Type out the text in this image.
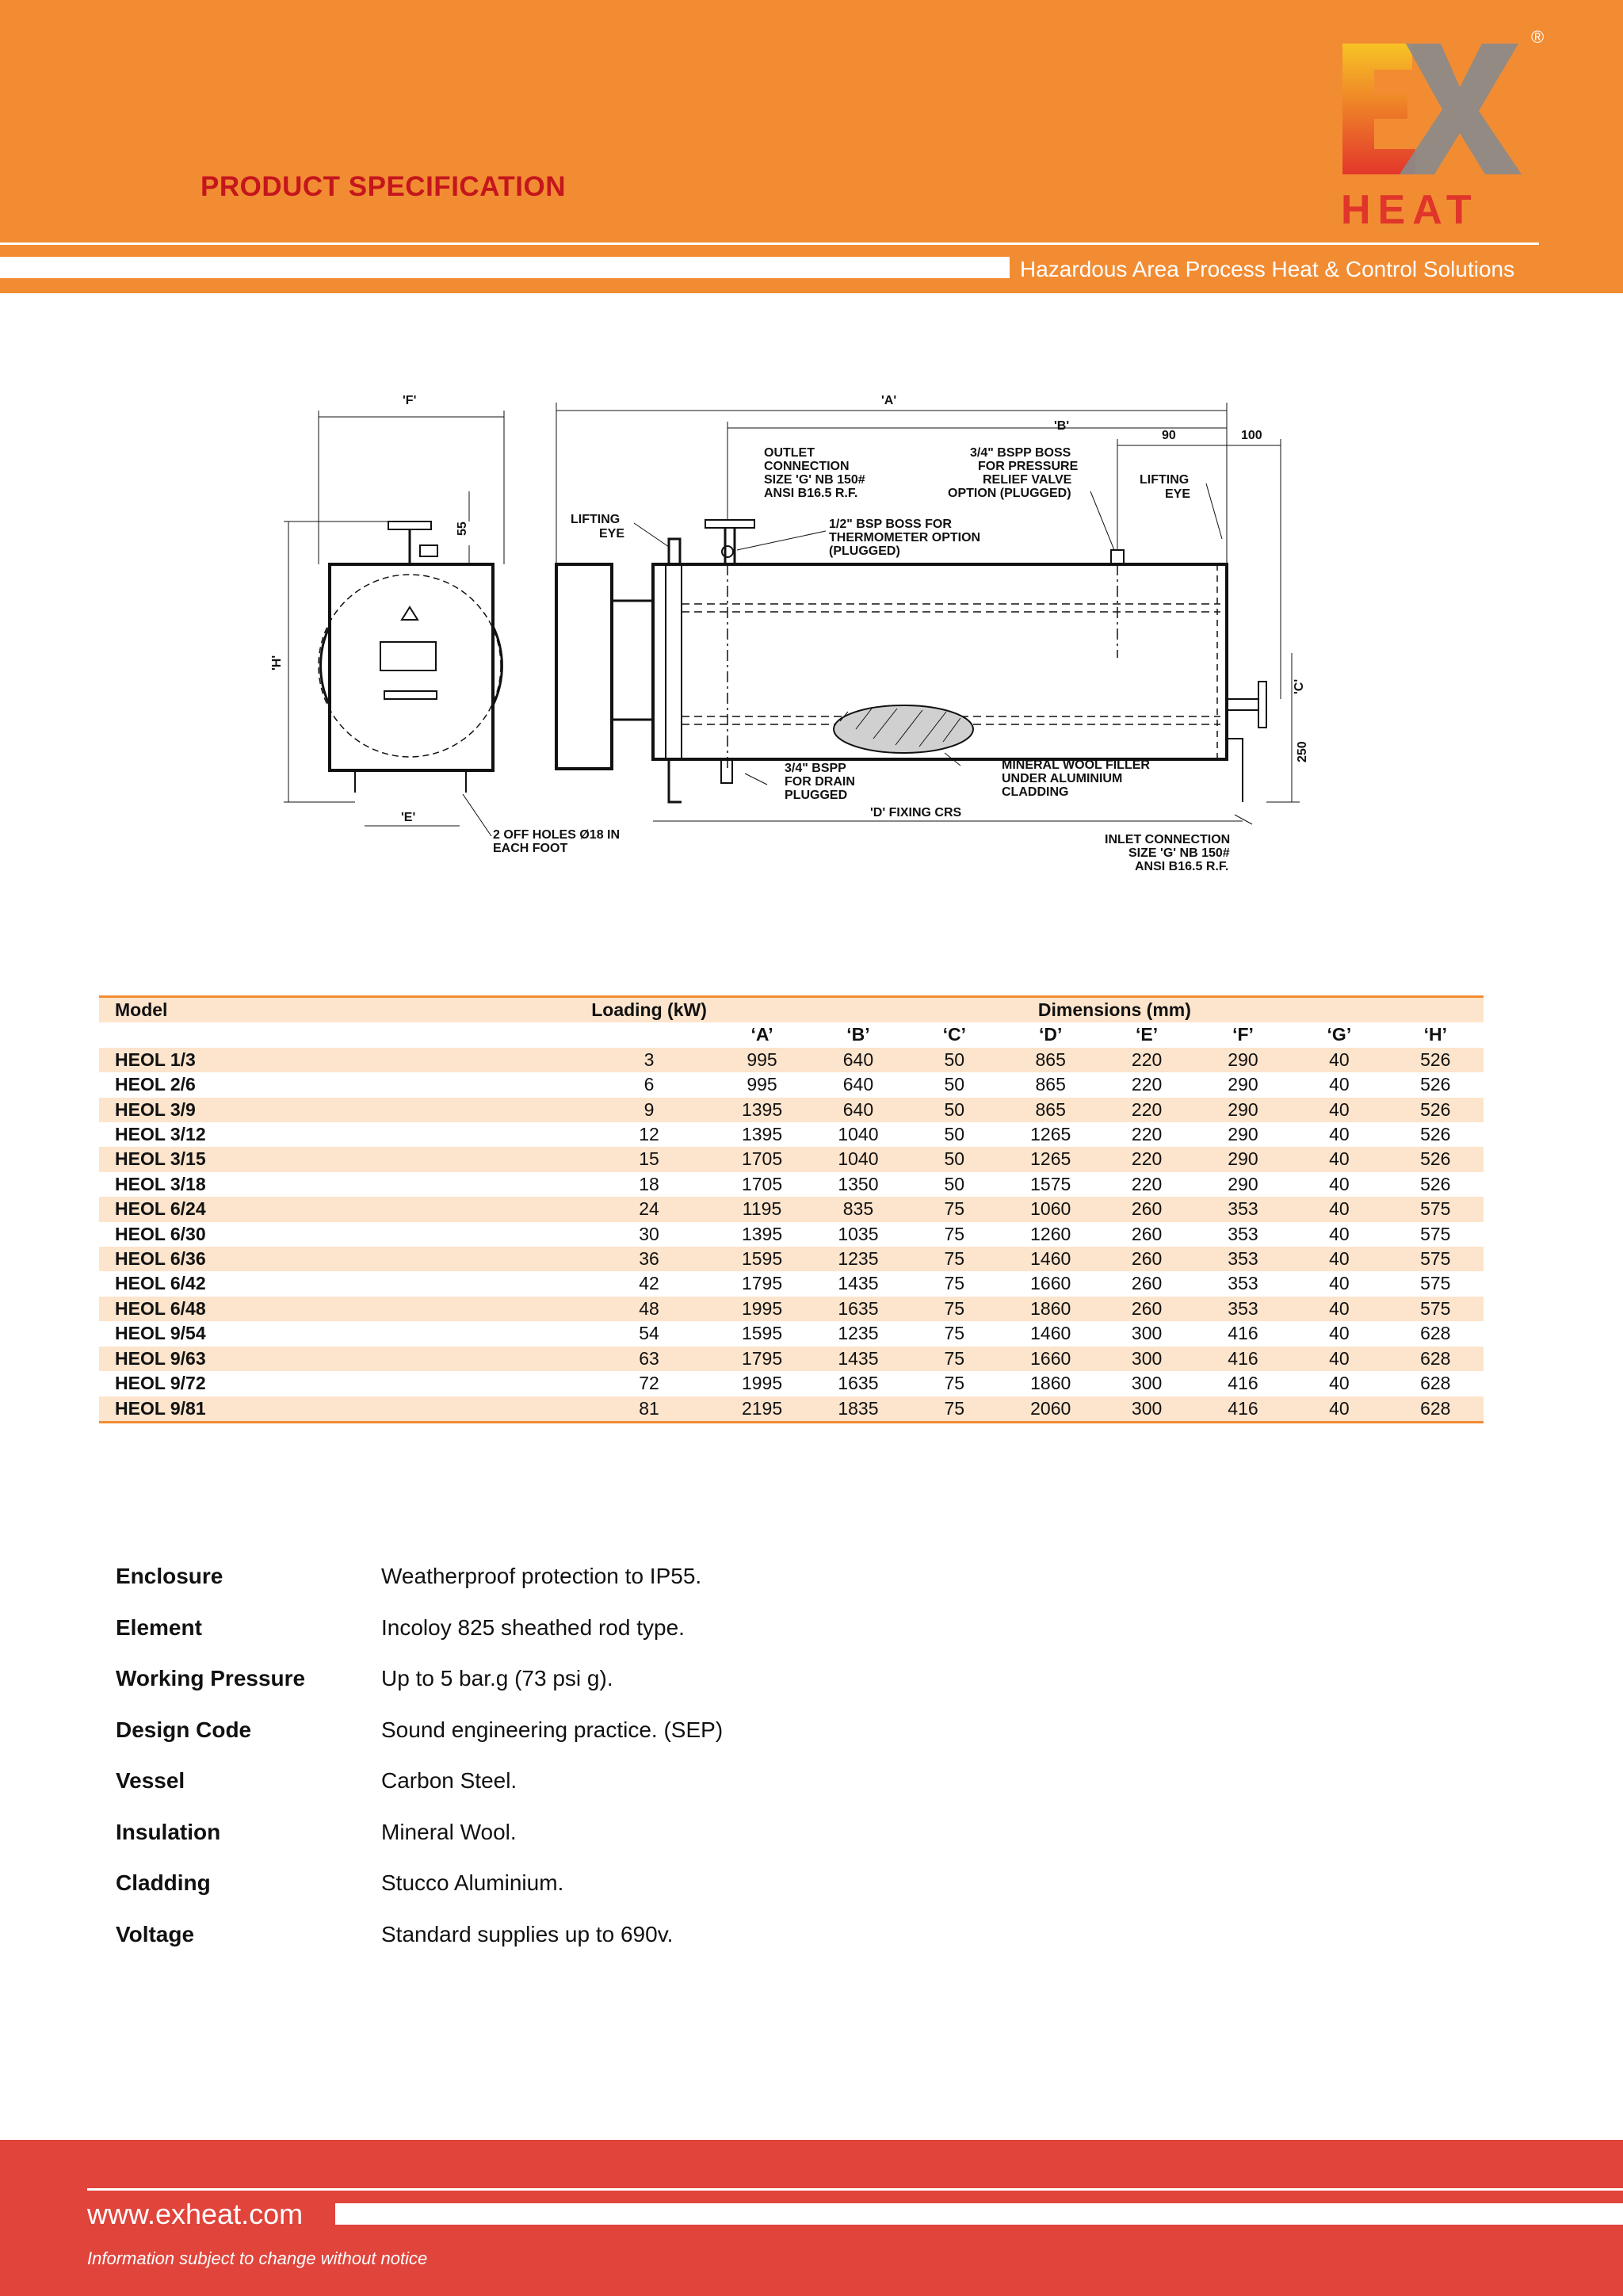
PRODUCT SPECIFICATION
Hazardous Area Process Heat & Control Solutions
HEAT
®
'F'	'A'
'B'
90	100
55
'H'
'E'
'C'
250
'D' FIXING CRS
LIFTING
EYE
LIFTING
EYE
OUTLET
CONNECTION
SIZE 'G' NB 150#
ANSI B16.5 R.F.
3/4" BSPP BOSS
FOR PRESSURE
RELIEF VALVE
OPTION (PLUGGED)
1/2" BSP BOSS FOR
THERMOMETER OPTION
(PLUGGED)
3/4" BSPP
FOR DRAIN
PLUGGED
MINERAL WOOL FILLER
UNDER ALUMINIUM
CLADDING
2 OFF HOLES Ø18 IN
EACH FOOT
INLET CONNECTION
SIZE 'G' NB 150#
ANSI B16.5 R.F.
Model	Loading (kW)	Dimensions (mm)							
		‘A’	‘B’	‘C’	‘D’	‘E’	‘F’	‘G’	‘H’
HEOL 1/3	3	995	640	50	865	220	290	40	526
HEOL 2/6	6	995	640	50	865	220	290	40	526
HEOL 3/9	9	1395	640	50	865	220	290	40	526
HEOL 3/12	12	1395	1040	50	1265	220	290	40	526
HEOL 3/15	15	1705	1040	50	1265	220	290	40	526
HEOL 3/18	18	1705	1350	50	1575	220	290	40	526
HEOL 6/24	24	1195	835	75	1060	260	353	40	575
HEOL 6/30	30	1395	1035	75	1260	260	353	40	575
HEOL 6/36	36	1595	1235	75	1460	260	353	40	575
HEOL 6/42	42	1795	1435	75	1660	260	353	40	575
HEOL 6/48	48	1995	1635	75	1860	260	353	40	575
HEOL 9/54	54	1595	1235	75	1460	300	416	40	628
HEOL 9/63	63	1795	1435	75	1660	300	416	40	628
HEOL 9/72	72	1995	1635	75	1860	300	416	40	628
HEOL 9/81	81	2195	1835	75	2060	300	416	40	628
Enclosure	Weatherproof protection to IP55.
Element	Incoloy 825 sheathed rod type.
Working Pressure	Up to 5 bar.g (73 psi g).
Design Code	Sound engineering practice. (SEP)
Vessel	Carbon Steel.
Insulation	Mineral Wool.
Cladding	Stucco Aluminium.
Voltage	Standard supplies up to 690v.
www.exheat.com
Information subject to change without notice
